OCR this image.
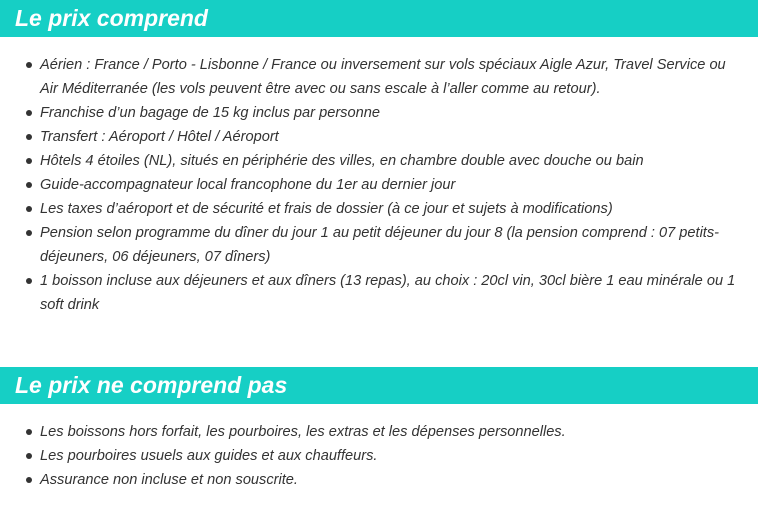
Le prix comprend
Aérien : France / Porto - Lisbonne / France ou inversement sur vols spéciaux Aigle Azur, Travel Service ou Air Méditerranée (les vols peuvent être avec ou sans escale à l’aller comme au retour).
Franchise d’un bagage de 15 kg inclus par personne
Transfert : Aéroport / Hôtel / Aéroport
Hôtels 4 étoiles (NL), situés en périphérie des villes, en chambre double avec douche ou bain
Guide-accompagnateur local francophone du 1er au dernier jour
Les taxes d’aéroport et de sécurité et frais de dossier (à ce jour et sujets à modifications)
Pension selon programme du dîner du jour 1 au petit déjeuner du jour 8 (la pension comprend : 07 petits-déjeuners, 06 déjeuners, 07 dîners)
1 boisson incluse aux déjeuners et aux dîners (13 repas), au choix : 20cl vin, 30cl bière 1 eau minérale ou 1 soft drink
Le prix ne comprend pas
Les boissons hors forfait, les pourboires, les extras et les dépenses personnelles.
Les pourboires usuels aux guides et aux chauffeurs.
Assurance non incluse et non souscrite.
